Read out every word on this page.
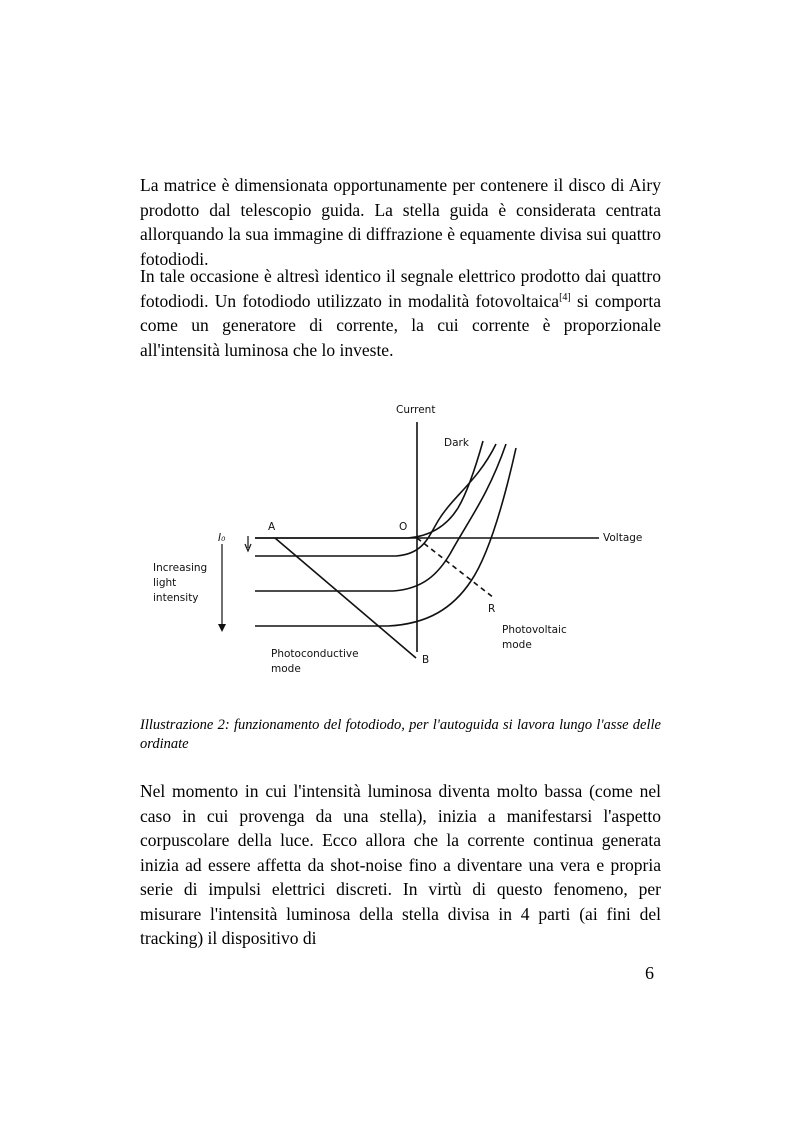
La matrice è dimensionata opportunamente per contenere il disco di Airy prodotto dal telescopio guida. La stella guida è considerata centrata allorquando la sua immagine di diffrazione è equamente divisa sui quattro fotodiodi.

In tale occasione è altresì identico il segnale elettrico prodotto dai quattro fotodiodi. Un fotodiodo utilizzato in modalità fotovoltaica[4] si comporta come un generatore di corrente, la cui corrente è proporzionale all'intensità luminosa che lo investe.

Current
Dark
A	O
Voltage
I₀
Increasing
light
intensity
R
Photovoltaic
mode
Photoconductive
mode
B

Illustrazione 2: funzionamento del fotodiodo, per l'autoguida si lavora lungo l'asse delle ordinate

Nel momento in cui l'intensità luminosa diventa molto bassa (come nel caso in cui provenga da una stella), inizia a manifestarsi l'aspetto corpuscolare della luce. Ecco allora che la corrente continua generata inizia ad essere affetta da shot-noise fino a diventare una vera e propria serie di impulsi elettrici discreti. In virtù di questo fenomeno, per misurare l'intensità luminosa della stella divisa in 4 parti (ai fini del tracking) il dispositivo di

6
